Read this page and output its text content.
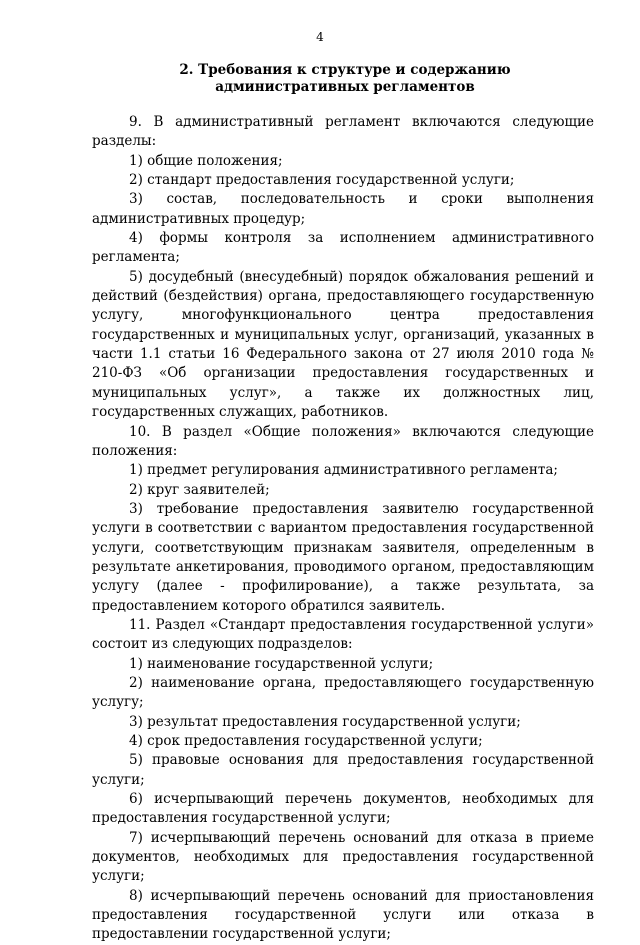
4
2. Требования к структуре и содержанию
административных регламентов

9. В административный регламент включаются следующие разделы:

1) общие положения;

2) стандарт предоставления государственной услуги;

3) состав, последовательность и сроки выполнения административных процедур;

4) формы контроля за исполнением административного регламента;

5) досудебный (внесудебный) порядок обжалования решений и действий (бездействия) органа, предоставляющего государственную услугу, многофункционального центра предоставления государственных и муниципальных услуг, организаций, указанных в части 1.1 статьи 16 Федерального закона от 27 июля 2010 года № 210-ФЗ «Об организации предоставления государственных и муниципальных услуг», а также их должностных лиц, государственных служащих, работников.

10. В раздел «Общие положения» включаются следующие положения:

1) предмет регулирования административного регламента;

2) круг заявителей;

3) требование предоставления заявителю государственной услуги в соответствии с вариантом предоставления государственной услуги, соответствующим признакам заявителя, определенным в результате анкетирования, проводимого органом, предоставляющим услугу (далее - профилирование), а также результата, за предоставлением которого обратился заявитель.

11. Раздел «Стандарт предоставления государственной услуги» состоит из следующих подразделов:

1) наименование государственной услуги;

2) наименование органа, предоставляющего государственную услугу;

3) результат предоставления государственной услуги;

4) срок предоставления государственной услуги;

5) правовые основания для предоставления государственной услуги;

6) исчерпывающий перечень документов, необходимых для предоставления государственной услуги;

7) исчерпывающий перечень оснований для отказа в приеме документов, необходимых для предоставления государственной услуги;

8) исчерпывающий перечень оснований для приостановления предоставления государственной услуги или отказа в предоставлении государственной услуги;
